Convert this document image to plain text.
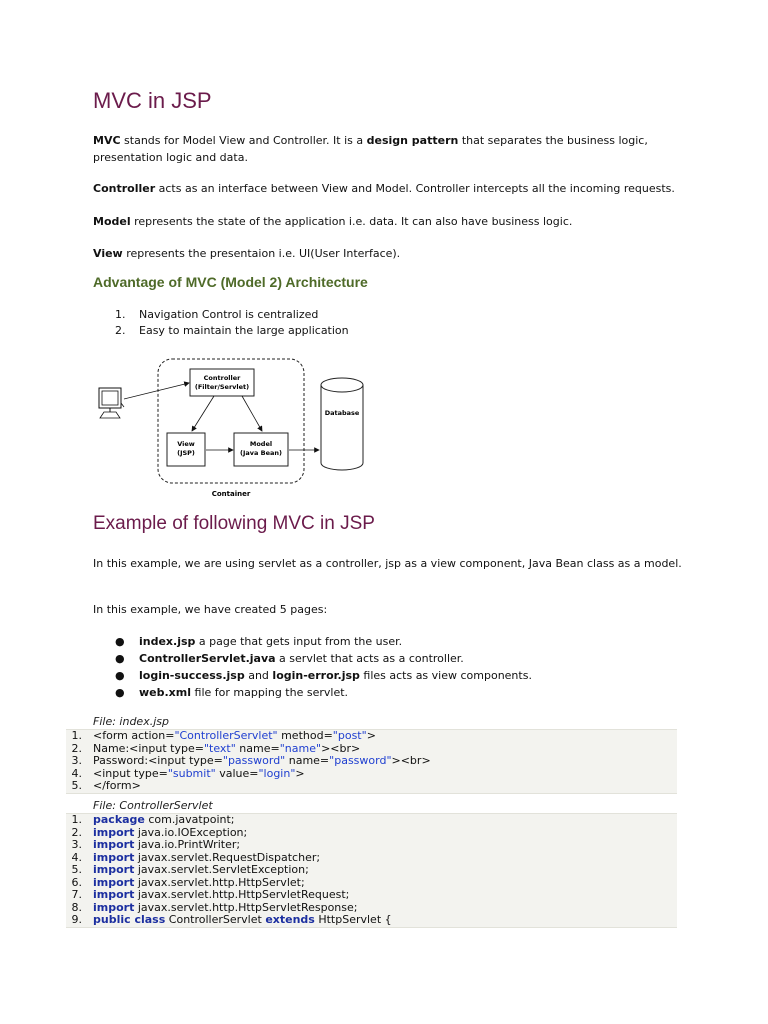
MVC in JSP

MVC stands for Model View and Controller. It is a design pattern that separates the business logic, presentation logic and data.

Controller acts as an interface between View and Model. Controller intercepts all the incoming requests.

Model represents the state of the application i.e. data. It can also have business logic.

View represents the presentaion i.e. UI(User Interface).

Advantage of MVC (Model 2) Architecture
1. Navigation Control is centralized
2. Easy to maintain the large application
Container
Controller
(Filter/Servlet)
View
(JSP)
Model
(Java Bean)
Database
Example of following MVC in JSP

In this example, we are using servlet as a controller, jsp as a view component, Java Bean class as a model.

In this example, we have created 5 pages:

● index.jsp a page that gets input from the user.
● ControllerServlet.java a servlet that acts as a controller.
● login-success.jsp and login-error.jsp files acts as view components.
● web.xml file for mapping the servlet.
File: index.jsp
1. <form action="ControllerServlet" method="post">
2. Name:<input type="text" name="name"><br>
3. Password:<input type="password" name="password"><br>
4. <input type="submit" value="login">
5. </form>
File: ControllerServlet
1. package com.javatpoint;
2. import java.io.IOException;
3. import java.io.PrintWriter;
4. import javax.servlet.RequestDispatcher;
5. import javax.servlet.ServletException;
6. import javax.servlet.http.HttpServlet;
7. import javax.servlet.http.HttpServletRequest;
8. import javax.servlet.http.HttpServletResponse;
9. public class ControllerServlet extends HttpServlet {
